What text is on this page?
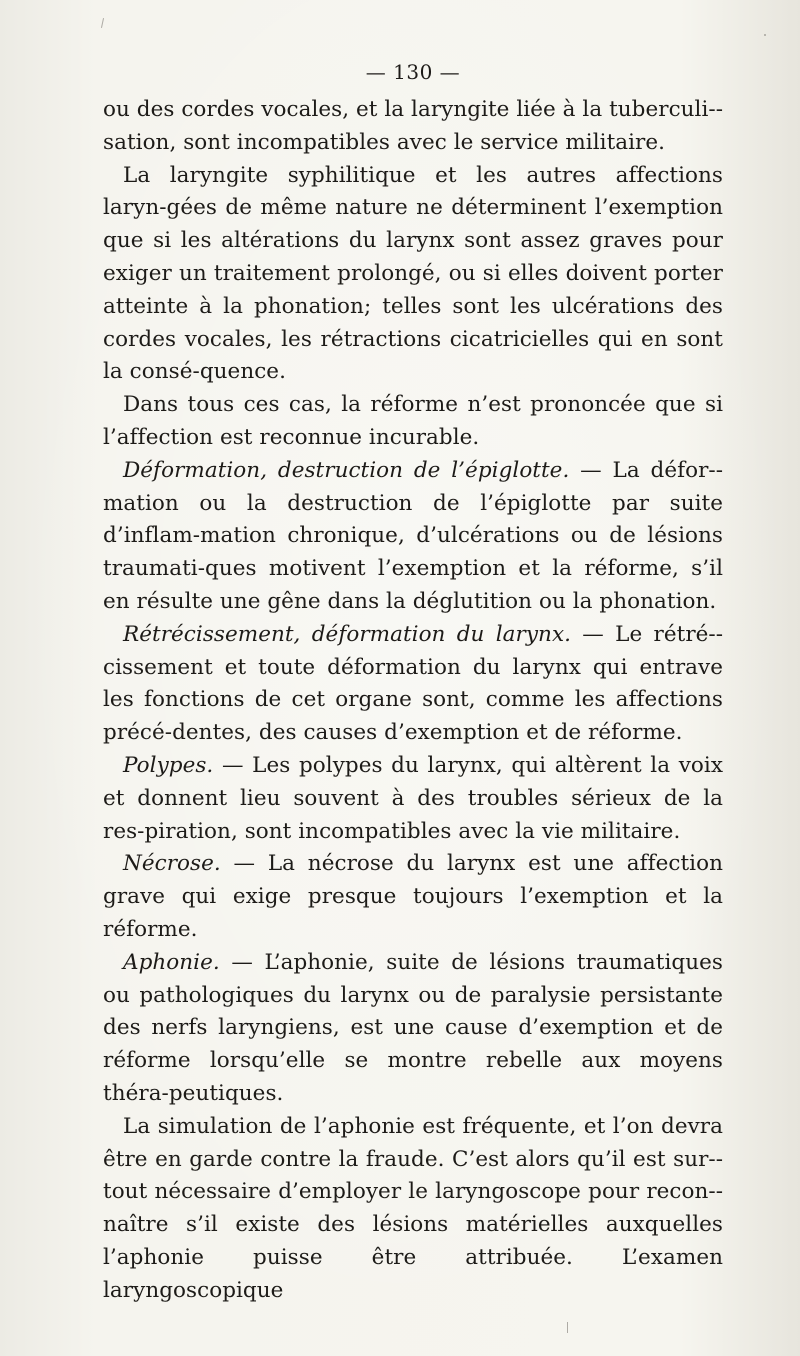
— 130 —

ou des cordes vocales, et la laryngite liée à la tuberculi-sation, sont incompatibles avec le service militaire.

La laryngite syphilitique et les autres affections laryn-gées de même nature ne déterminent l’exemption que si les altérations du larynx sont assez graves pour exiger un traitement prolongé, ou si elles doivent porter atteinte à la phonation; telles sont les ulcérations des cordes vocales, les rétractions cicatricielles qui en sont la consé-quence.

Dans tous ces cas, la réforme n’est prononcée que si l’affection est reconnue incurable.

Déformation, destruction de l’épiglotte. — La défor-mation ou la destruction de l’épiglotte par suite d’inflam-mation chronique, d’ulcérations ou de lésions traumati-ques motivent l’exemption et la réforme, s’il en résulte une gêne dans la déglutition ou la phonation.

Rétrécissement, déformation du larynx. — Le rétré-cissement et toute déformation du larynx qui entrave les fonctions de cet organe sont, comme les affections précé-dentes, des causes d’exemption et de réforme.

Polypes. — Les polypes du larynx, qui altèrent la voix et donnent lieu souvent à des troubles sérieux de la res-piration, sont incompatibles avec la vie militaire.

Nécrose. — La nécrose du larynx est une affection grave qui exige presque toujours l’exemption et la réforme.

Aphonie. — L’aphonie, suite de lésions traumatiques ou pathologiques du larynx ou de paralysie persistante des nerfs laryngiens, est une cause d’exemption et de réforme lorsqu’elle se montre rebelle aux moyens théra-peutiques.

La simulation de l’aphonie est fréquente, et l’on devra être en garde contre la fraude. C’est alors qu’il est sur-tout nécessaire d’employer le laryngoscope pour recon-naître s’il existe des lésions matérielles auxquelles l’aphonie puisse être attribuée. L’examen laryngoscopique
